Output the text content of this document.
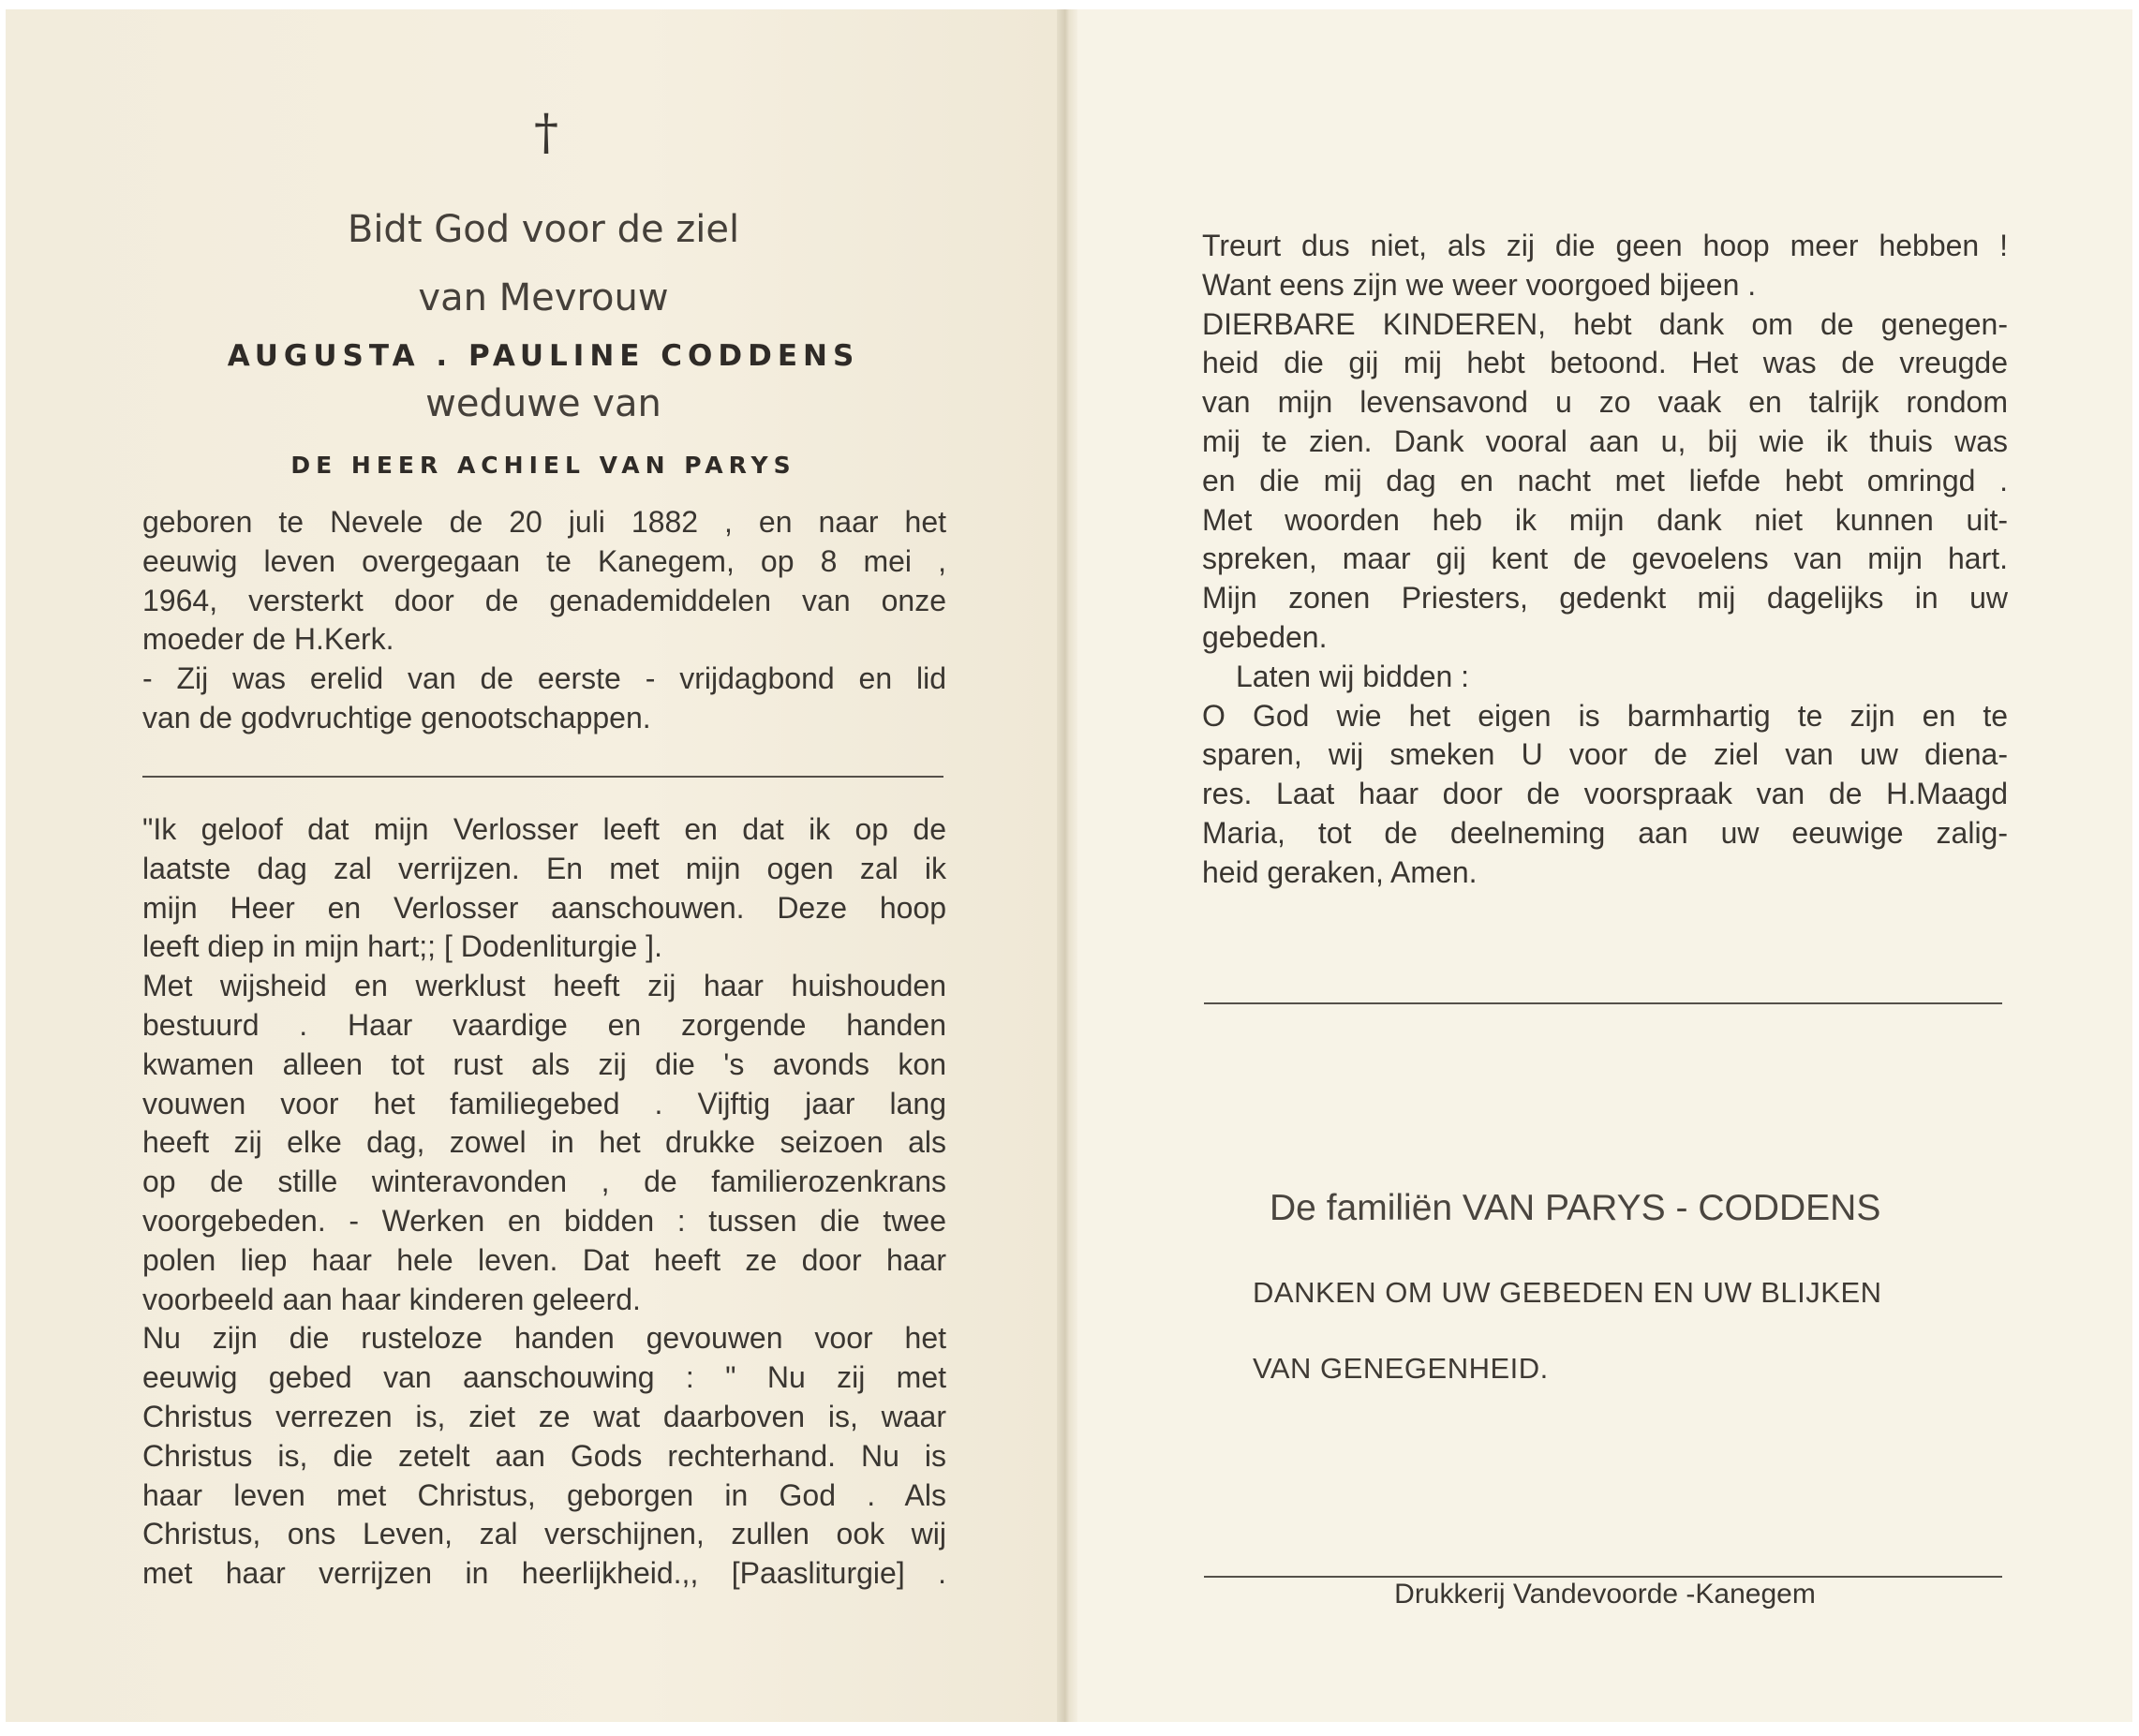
†
Bidt God voor de ziel
van Mevrouw
AUGUSTA . PAULINE CODDENS
weduwe van
DE HEER ACHIEL VAN PARYS
geboren te Nevele de 20 juli 1882 , en naar het
eeuwig leven overgegaan te Kanegem, op 8 mei ,
1964, versterkt door de genademiddelen van onze
moeder de H.Kerk.
- Zij was erelid van de eerste - vrijdagbond en lid
van de godvruchtige genootschappen.
"Ik geloof dat mijn Verlosser leeft en dat ik op de
laatste dag zal verrijzen. En met mijn ogen zal ik
mijn Heer en Verlosser aanschouwen. Deze hoop
leeft diep in mijn hart;; [ Dodenliturgie ].
Met wijsheid en werklust heeft zij haar huishouden
bestuurd . Haar vaardige en zorgende handen
kwamen alleen tot rust als zij die 's avonds kon
vouwen voor het familiegebed . Vijftig jaar lang
heeft zij elke dag, zowel in het drukke seizoen als
op de stille winteravonden , de familierozenkrans
voorgebeden. - Werken en bidden : tussen die twee
polen liep haar hele leven. Dat heeft ze door haar
voorbeeld aan haar kinderen geleerd.
Nu zijn die rusteloze handen gevouwen voor het
eeuwig gebed van aanschouwing : " Nu zij met
Christus verrezen is, ziet ze wat daarboven is, waar
Christus is, die zetelt aan Gods rechterhand. Nu is
haar leven met Christus, geborgen in God . Als
Christus, ons Leven, zal verschijnen, zullen ook wij
met haar verrijzen in heerlijkheid.,, [Paasliturgie] .
Treurt dus niet, als zij die geen hoop meer hebben !
Want eens zijn we weer voorgoed bijeen .
DIERBARE KINDEREN, hebt dank om de genegen-
heid die gij mij hebt betoond. Het was de vreugde
van mijn levensavond u zo vaak en talrijk rondom
mij te zien. Dank vooral aan u, bij wie ik thuis was
en die mij dag en nacht met liefde hebt omringd .
Met woorden heb ik mijn dank niet kunnen uit-
spreken, maar gij kent de gevoelens van mijn hart.
Mijn zonen Priesters, gedenkt mij dagelijks in uw
gebeden.
Laten wij bidden :
O God wie het eigen is barmhartig te zijn en te
sparen, wij smeken U voor de ziel van uw diena-
res. Laat haar door de voorspraak van de H.Maagd
Maria, tot de deelneming aan uw eeuwige zalig-
heid geraken, Amen.
De familiën VAN PARYS - CODDENS
DANKEN OM UW GEBEDEN EN UW BLIJKEN
VAN GENEGENHEID.
Drukkerij Vandevoorde -Kanegem
